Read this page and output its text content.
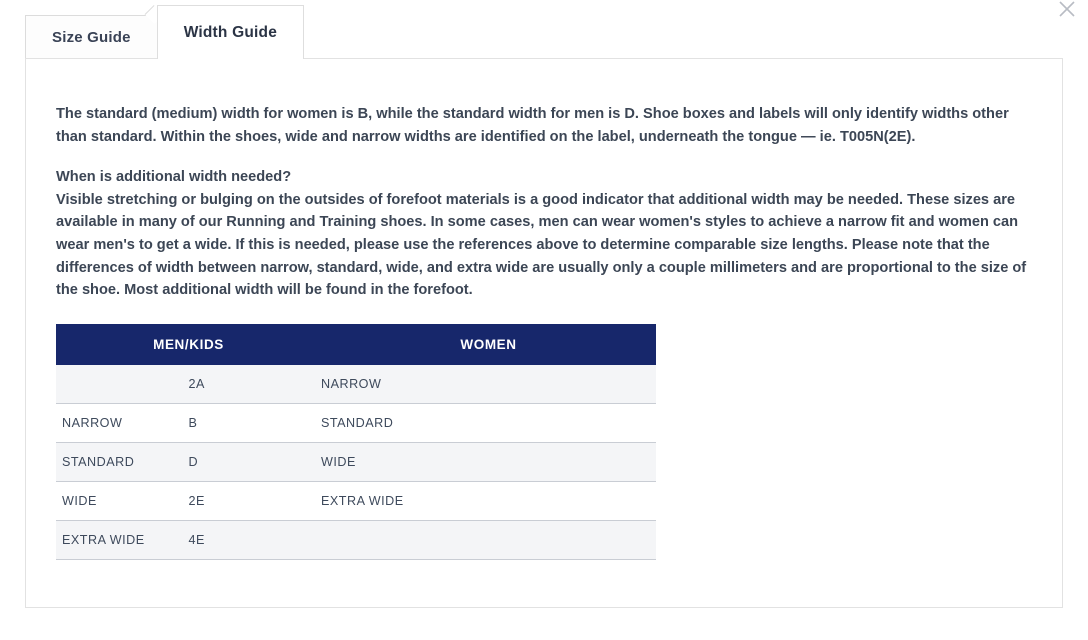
Size Guide	Width Guide

The standard (medium) width for women is B, while the standard width for men is D. Shoe boxes and labels will only identify widths other than standard. Within the shoes, wide and narrow widths are identified on the label, underneath the tongue — ie. T005N(2E).

When is additional width needed?

Visible stretching or bulging on the outsides of forefoot materials is a good indicator that additional width may be needed. These sizes are available in many of our Running and Training shoes. In some cases, men can wear women's styles to achieve a narrow fit and women can wear men's to get a wide. If this is needed, please use the references above to determine comparable size lengths. Please note that the differences of width between narrow, standard, wide, and extra wide are usually only a couple millimeters and are proportional to the size of the shoe. Most additional width will be found in the forefoot.

MEN/KIDS		WOMEN
	2A	NARROW
NARROW	B	STANDARD
STANDARD	D	WIDE
WIDE	2E	EXTRA WIDE
EXTRA WIDE	4E	
